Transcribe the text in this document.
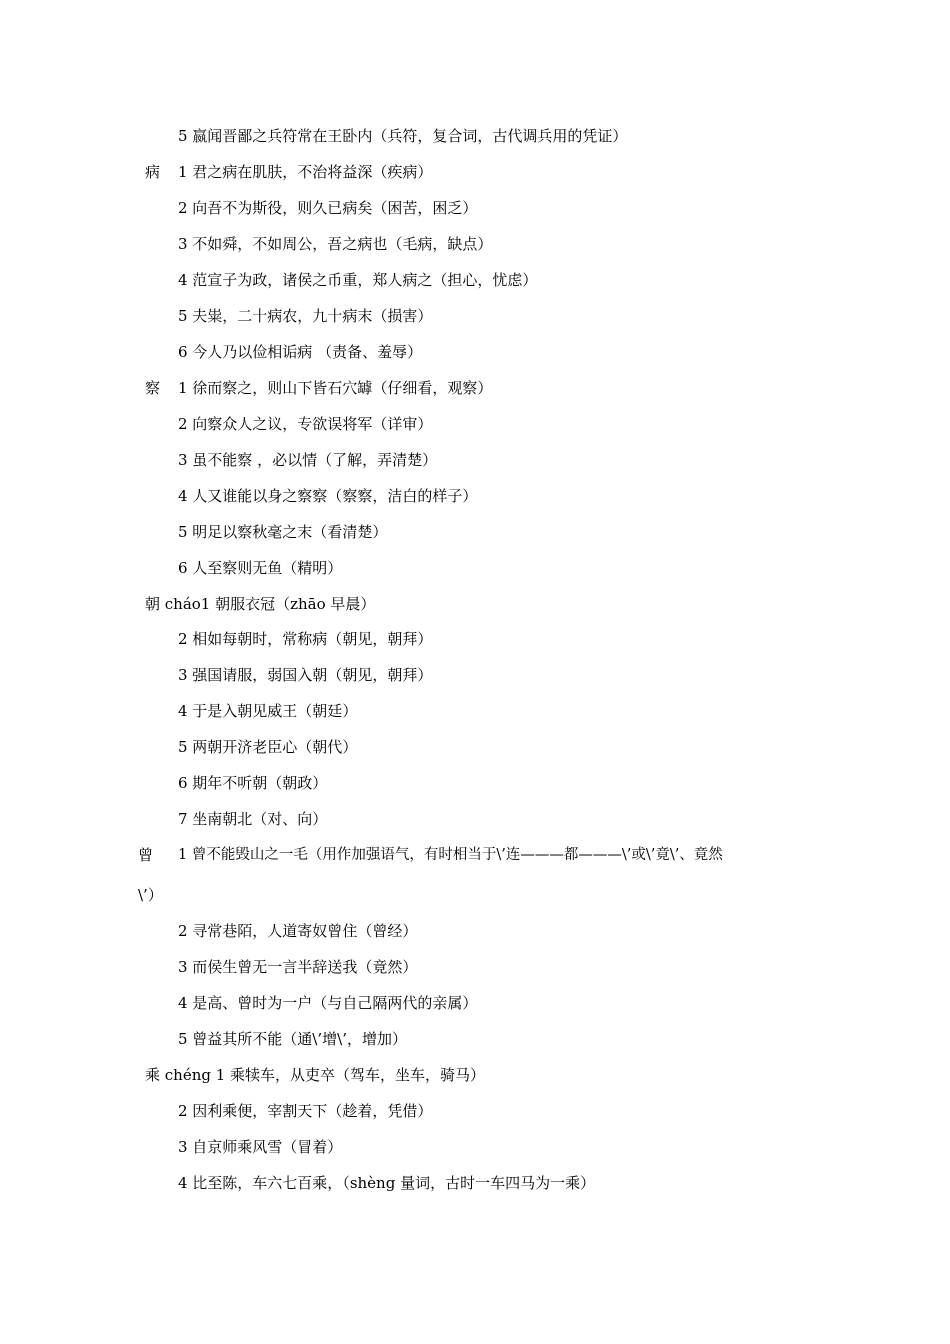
5 嬴闻晋鄙之兵符常在王卧内（兵符，复合词，古代调兵用的凭证）
病 1 君之病在肌肤，不治将益深（疾病）
2 向吾不为斯役，则久已病矣（困苦，困乏）
3 不如舜，不如周公，吾之病也（毛病，缺点）
4 范宣子为政，诸侯之币重，郑人病之（担心，忧虑）
5 夫粜，二十病农，九十病末（损害）
6 今人乃以俭相诟病 （责备、羞辱）
察 1 徐而察之，则山下皆石穴罅（仔细看，观察）
2 向察众人之议，专欲误将军（详审）
3 虽不能察 ，必以情（了解，弄清楚）
4 人又谁能以身之察察（察察，洁白的样子）
5 明足以察秋毫之末（看清楚）
6 人至察则无鱼（精明）
朝 cháo1 朝服衣冠（zhāo 早晨）
2 相如每朝时，常称病（朝见，朝拜）
3 强国请服，弱国入朝（朝见，朝拜）
4 于是入朝见威王（朝廷）
5 两朝开济老臣心（朝代）
6 期年不听朝（朝政）
7 坐南朝北（对、向）
曾 1 曾不能毁山之一毛（用作加强语气，有时相当于\’连———都———\’或\’竟\’、竟然
\’）
2 寻常巷陌，人道寄奴曾住（曾经）
3 而侯生曾无一言半辞送我（竟然）
4 是高、曾时为一户（与自己隔两代的亲属）
5 曾益其所不能（通\’增\’，增加）
乘 chéng 1 乘犊车，从吏卒（驾车，坐车，骑马）
2 因利乘便，宰割天下（趁着，凭借）
3 自京师乘风雪（冒着）
4 比至陈，车六七百乘，（shèng 量词，古时一车四马为一乘）
